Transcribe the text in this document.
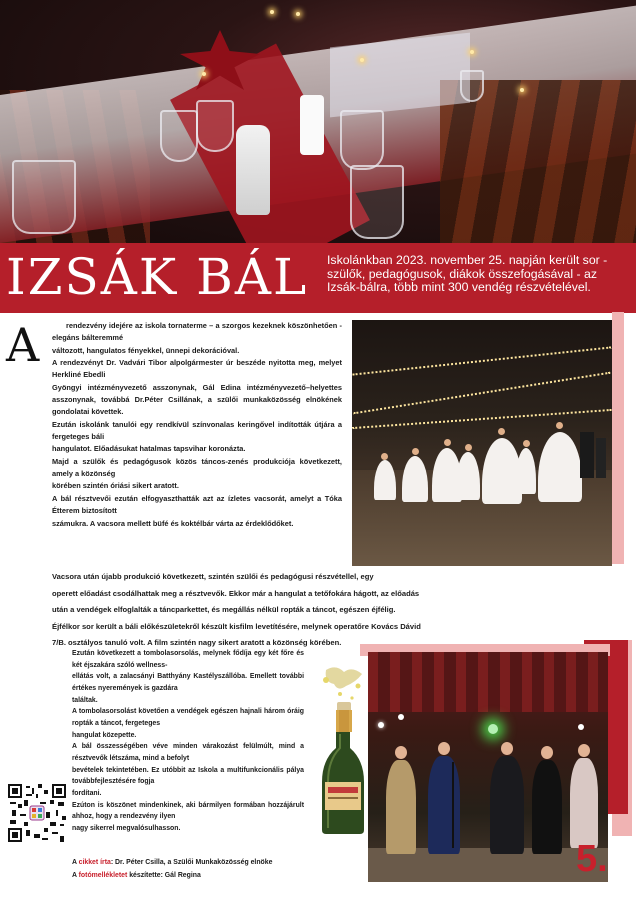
IZSÁK BÁL Iskolánkban 2023. november 25. napján került sor - szülők, pedagógusok, diákok összefogásával - az Izsák-bálra, több mint 300 vendég részvételével.

A	rendezvény idejére az iskola tornaterme – a szorgos kezeknek köszönhetően - elegáns bálteremmé

változott, hangulatos fényekkel, ünnepi dekorációval.

A rendezvényt Dr. Vadvári Tibor alpolgármester úr beszéde nyitotta meg, melyet Herkliné Ebedli

Gyöngyi intézményvezető asszonynak, Gál Edina intézményvezető–helyettes asszonynak, továbbá Dr.Péter Csillának, a szülői munkaközösség elnökének gondolatai követtek.

Ezután iskolánk tanulói egy rendkívül színvonalas keringővel indították útjára a fergeteges báli

hangulatot. Előadásukat hatalmas tapsvihar koronázta.

Majd a szülők és pedagógusok közös táncos-zenés produkciója következett, amely a közönség

körében szintén óriási sikert aratott.

A bál résztvevői ezután elfogyaszthatták azt az ízletes vacsorát, amelyt a Tóka Étterem biztosított

számukra. A vacsora mellett büfé és koktélbár várta az érdeklődőket.

Vacsora után újabb produkció következett, szintén szülői és pedagógusi részvétellel, egy

operett előadást csodálhattak meg a résztvevők. Ekkor már a hangulat a tetőfokára hágott, az előadás

után a vendégek elfoglalták a táncparkettet, és megállás nélkül ropták a táncot, egészen éjfélig.

Éjfélkor sor került a báli előkészületekről készült kisfilm levetítésére, melynek operatőre Kovács Dávid

7/B. osztályos tanuló volt. A film szintén nagy sikert aratott a közönség körében.

Ezután következett a tombolasorsolás, melynek fődíja egy két főre és két éjszakára szóló wellness-

ellátás volt, a zalacsányi Batthyány Kastélyszállóba. Emellett további értékes nyeremények is gazdára

találtak.

A tombolasorsolást követően a vendégek egészen hajnali három óráig ropták a táncot, fergeteges

hangulat közepette.

A bál összességében véve minden várakozást felülmúlt, mind a résztvevők létszáma, mind a befolyt

bevételek tekintetében. Ez utóbbit az Iskola a multifunkcionális pálya továbbfejlesztésére fogja

fordítani.

Ezúton is köszönet mindenkinek, aki bármilyen formában hozzájárult ahhoz, hogy a rendezvény ilyen

nagy sikerrel megvalósulhasson.

A cikket írta: Dr. Péter Csilla, a Szülői Munkaközösség elnöke

A fotómellékletet készítette: Gál Regina	5.
